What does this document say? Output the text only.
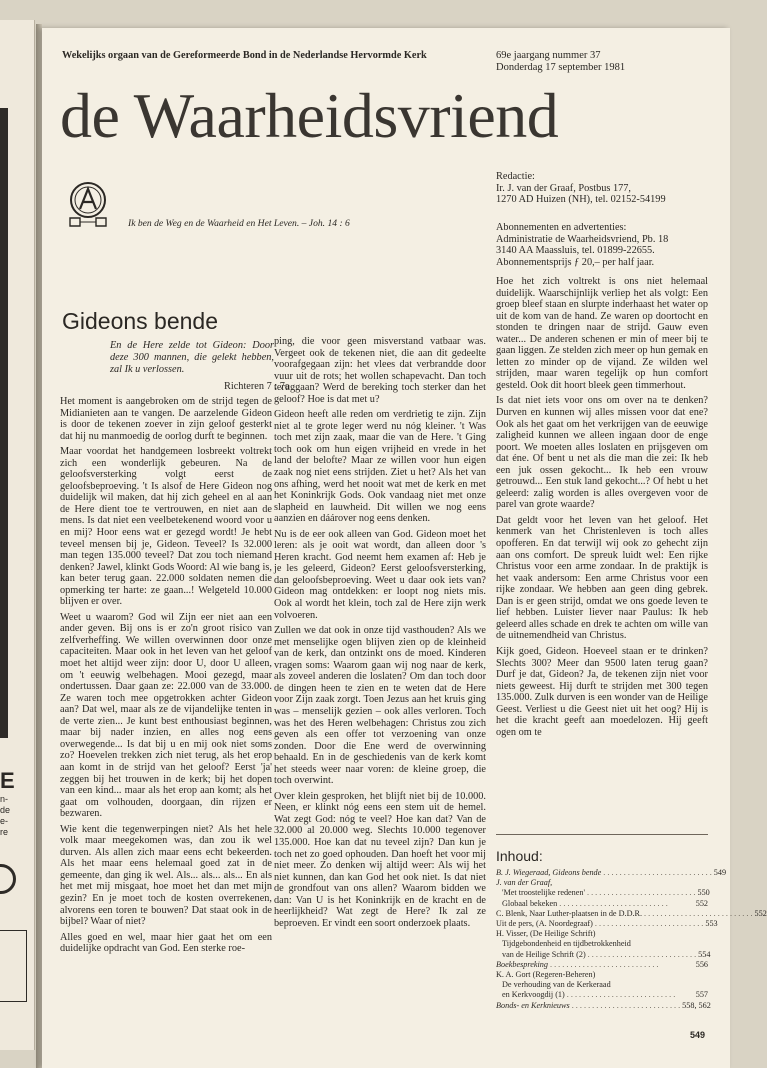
E
n-
de
e-
re
Wekelijks orgaan van de Gereformeerde Bond in de Nederlandse Hervormde Kerk	69e jaargang nummer 37
Donderdag 17 september 1981
de Waarheidsvriend
Ik ben de Weg en de Waarheid en Het Leven. – Joh. 14 : 6
Redactie:
Ir. J. van der Graaf, Postbus 177,
1270 AD Huizen (NH), tel. 02152-54199
Abonnementen en advertenties:
Administratie de Waarheidsvriend, Pb. 18
3140 AA Maassluis, tel. 01899-22655.
Abonnementsprijs ƒ 20,– per half jaar.
Gideons bende
En de Here zelde tot Gideon: Door deze 300 mannen, die gelekt hebben, zal Ik u verlossen.
Richteren 7 : 7a

Het moment is aangebroken om de strijd tegen de Midianieten aan te vangen. De aarzelende Gideon is door de tekenen zoever in zijn geloof gesterkt dat hij nu manmoedig de oorlog durft te beginnen.

Maar voordat het handgemeen losbreekt voltrekt zich een wonderlijk gebeuren. Na de geloofsversterking volgt eerst de geloofsbeproeving. 't Is alsof de Here Gideon nog duidelijk wil maken, dat hij zich geheel en al aan de Here dient toe te vertrouwen, en niet aan de mens. Is dat niet een veelbetekenend woord voor u en mij? Hoor eens wat er gezegd wordt! Je hebt teveel mensen bij je, Gideon. Teveel? Is 32.000 man tegen 135.000 teveel? Dat zou toch niemand denken? Jawel, klinkt Gods Woord: Al wie bang is, kan beter terug gaan. 22.000 soldaten nemen die opmerking ter harte: ze gaan...! Welgeteld 10.000 blijven er over.

Weet u waarom? God wil Zijn eer niet aan een ander geven. Bij ons is er zo'n groot risico van zelfverheffing. We willen overwinnen door onze capaciteiten. Maar ook in het leven van het geloof moet het altijd weer zijn: door U, door U alleen, om 't eeuwig welbehagen. Mooi gezegd, maar ondertussen. Daar gaan ze: 22.000 van de 33.000. Ze waren toch mee opgetrokken achter Gideon aan? Dat wel, maar als ze de vijandelijke tenten in de verte zien... Je kunt best enthousiast beginnen, maar bij nader inzien, en alles nog eens overwegende... Is dat bij u en mij ook niet soms zo? Hoevelen trekken zich niet terug, als het erop aan komt in de strijd van het geloof? Eerst 'ja' zeggen bij het trouwen in de kerk; bij het dopen van een kind... maar als het erop aan komt; als het gaat om volhouden, doorgaan, din rijzen er bezwaren.

Wie kent die tegenwerpingen niet? Als het hele volk maar meegekomen was, dan zou ik wel durven. Als allen zich maar eens echt bekeerden. Als het maar eens helemaal goed zat in de gemeente, dan ging ik wel. Als... als... als... En als het met mij misgaat, hoe moet het dan met mijn gezin? En je moet toch de kosten overrekenen, alvorens een toren te bouwen? Dat staat ook in de bijbel? Waar of niet?

Alles goed en wel, maar hier gaat het om een duidelijke opdracht van God. Een sterke roe-

ping, die voor geen misverstand vatbaar was. Vergeet ook de tekenen niet, die aan dit gedeelte voorafgegaan zijn: het vlees dat verbrandde door vuur uit de rots; het wollen schapevacht. Dan toch teruggaan? Werd de bereking toch sterker dan het geloof? Hoe is dat met u?

Gideon heeft alle reden om verdrietig te zijn. Zijn niet al te grote leger werd nu nóg kleiner. 't Was toch met zijn zaak, maar die van de Here. 't Ging toch ook om hun eigen vrijheid en vrede in het land der belofte? Maar ze willen voor hun eigen zaak nog niet eens strijden. Ziet u het? Als het van ons afhing, werd het nooit wat met de kerk en met het Koninkrijk Gods. Ook vandaag niet met onze slapheid en lauwheid. Dit willen we nog eens aanzien en dáárover nog eens denken.

Nu is de eer ook alleen van God. Gideon moet het leren: als je ooit wat wordt, dan alleen door 's Heren kracht. God neemt hem examen af: Heb je je les geleerd, Gideon? Eerst geloofsversterking, dan geloofsbeproeving. Weet u daar ook iets van? Gideon mag ontdekken: er loopt nog niets mis. Ook al wordt het klein, toch zal de Here zijn werk volvoeren.

Zullen we dat ook in onze tijd vasthouden? Als we met menselijke ogen blijven zien op de kleinheid van de kerk, dan ontzinkt ons de moed. Kinderen vragen soms: Waarom gaan wij nog naar de kerk, als zoveel anderen die loslaten? Om dan toch door de dingen heen te zien en te weten dat de Here voor Zijn zaak zorgt. Toen Jezus aan het kruis ging was – menselijk gezien – ook alles verloren. Toch was het des Heren welbehagen: Christus zou zich geven als een offer tot verzoening van onze zonden. Door die Ene werd de overwinning behaald. En in de geschiedenis van de kerk komt het steeds weer naar voren: de kleine groep, die toch overwint.

Over klein gesproken, het blijft niet bij de 10.000. Neen, er klinkt nóg eens een stem uit de hemel. Wat zegt God: nóg te veel? Hoe kan dat? Van de 32.000 al 20.000 weg. Slechts 10.000 tegenover 135.000. Hoe kan dat nu teveel zijn? Dan kun je toch net zo goed ophouden. Dan hoeft het voor mij niet meer. Zo denken wij altijd weer: Als wij het niet kunnen, dan kan God het ook niet. Is dat niet de grondfout van ons allen? Waarom bidden we dan: Van U is het Koninkrijk en de kracht en de heerlijkheid? Wat zegt de Here? Ik zal ze beproeven. Er vindt een soort onderzoek plaats.

Hoe het zich voltrekt is ons niet helemaal duidelijk. Waarschijnlijk verliep het als volgt: Een groep bleef staan en slurpte inderhaast het water op uit de kom van de hand. Ze waren op doortocht en stonden te dringen naar de strijd. Gauw even water... De anderen schenen er min of meer bij te gaan liggen. Ze stelden zich meer op hun gemak en letten zo minder op de vijand. Ze wilden wel strijden, maar waren tegelijk op hun comfort gesteld. Ook dit hoort bleek geen timmerhout.

Is dat niet iets voor ons om over na te denken? Durven en kunnen wij alles missen voor dat ene? Ook als het gaat om het verkrijgen van de eeuwige zaligheid kunnen we alleen ingaan door de enge poort. We moeten alles loslaten en prijsgeven om dat éne. Of bent u net als die man die zei: Ik heb een juk ossen gekocht... Ik heb een vrouw getrouwd... Een stuk land gekocht...? Of hebt u het geleerd: zalig worden is alles overgeven voor de parel van grote waarde?

Dat geldt voor het leven van het geloof. Het kenmerk van het Christenleven is toch alles opofferen. En dat terwijl wij ook zo gehecht zijn aan ons comfort. De spreuk luidt wel: Een rijke Christus voor een arme zondaar. In de praktijk is het vaak andersom: Een arme Christus voor een rijke zondaar. We hebben aan geen ding gebrek. Dan is er geen strijd, omdat we ons goede leven te lief hebben. Luister liever naar Paulus: Ik heb geleerd alles schade en drek te achten om wille van de uitnemendheid van Christus.

Kijk goed, Gideon. Hoeveel staan er te drinken? Slechts 300? Meer dan 9500 laten terug gaan? Durf je dat, Gideon? Ja, de tekenen zijn niet voor niets geweest. Hij durft te strijden met 300 tegen 135.000. Zulk durven is een wonder van de Heilige Geest. Verliest u die Geest niet uit het oog? Hij is het die kracht geeft aan moedelozen. Hij geeft ogen om te

Inhoud:
B. J. Wiegeraad, Gideons bende . . . . . . . . . . . . . . . . . . . . . . . . . . . 549
J. van der Graaf,
'Met troostelijke redenen' . . . . . . . . . . . . . . . . . . . . . . . . . . . 550
Globaal bekeken . . . . . . . . . . . . . . . . . . . . . . . . . . .	552
C. Blenk, Naar Luther-plaatsen in de D.D.R. . . . . . . . . . . . . . . . . . . . . . . . . . . . 552
Uit de pers, (A. Noordegraaf) . . . . . . . . . . . . . . . . . . . . . . . . . . . 553
H. Visser, (De Heilige Schrift)
Tijdgebondenheid en tijdbetrokkenheid
van de Heilige Schrift (2) . . . . . . . . . . . . . . . . . . . . . . . . . . . 554
Boekbespreking . . . . . . . . . . . . . . . . . . . . . . . . . . .	556
K. A. Gort (Regeren-Beheren)
De verhouding van de Kerkeraad
en Kerkvoogdij (1) . . . . . . . . . . . . . . . . . . . . . . . . . . .	557
Bonds- en Kerknieuws . . . . . . . . . . . . . . . . . . . . . . . . . . . 558, 562
549
